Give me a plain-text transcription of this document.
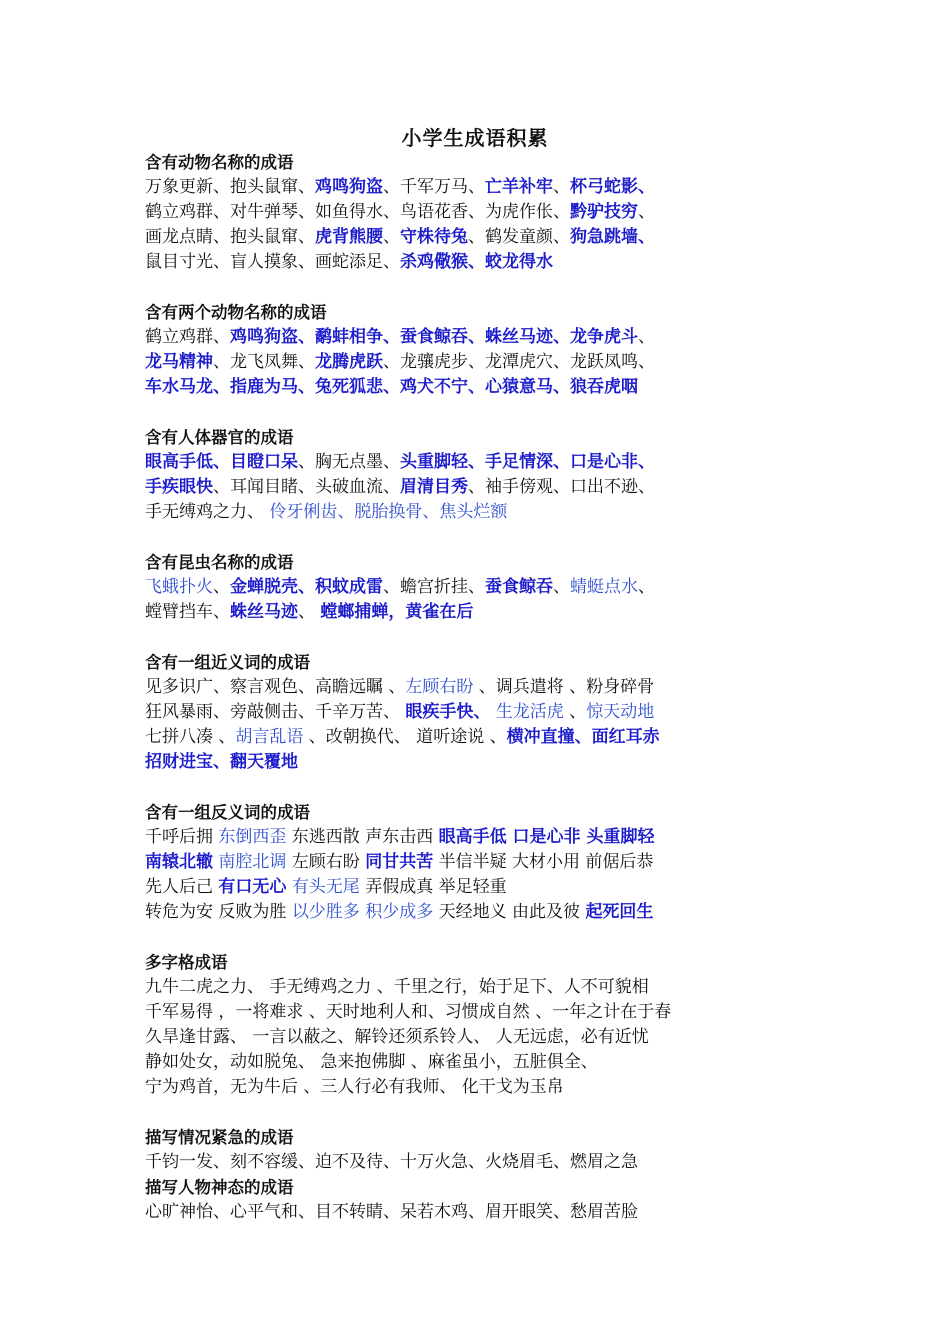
小学生成语积累
含有动物名称的成语
万象更新、抱头鼠窜、鸡鸣狗盗、千军万马、亡羊补牢、杯弓蛇影、
鹤立鸡群、对牛弹琴、如鱼得水、鸟语花香、为虎作伥、黔驴技穷、
画龙点睛、抱头鼠窜、虎背熊腰、守株待兔、鹤发童颜、狗急跳墙、
鼠目寸光、盲人摸象、画蛇添足、杀鸡儆猴、蛟龙得水
含有两个动物名称的成语
鹤立鸡群、鸡鸣狗盗、鹬蚌相争、蚕食鲸吞、蛛丝马迹、龙争虎斗、
龙马精神、龙飞凤舞、龙腾虎跃、龙骧虎步、龙潭虎穴、龙跃凤鸣、
车水马龙、指鹿为马、兔死狐悲、鸡犬不宁、心猿意马、狼吞虎咽
含有人体器官的成语
眼高手低、目瞪口呆、胸无点墨、头重脚轻、手足情深、口是心非、
手疾眼快、耳闻目睹、头破血流、眉清目秀、袖手傍观、口出不逊、
手无缚鸡之力、 伶牙俐齿、脱胎换骨、焦头烂额
含有昆虫名称的成语
飞蛾扑火、金蝉脱壳、积蚊成雷、蟾宫折挂、蚕食鲸吞、蜻蜓点水、
螳臂挡车、蛛丝马迹、 螳螂捕蝉，黄雀在后
含有一组近义词的成语
见多识广、察言观色、高瞻远瞩 、左顾右盼 、调兵遣将 、粉身碎骨
狂风暴雨、旁敲侧击、千辛万苦、 眼疾手快、 生龙活虎 、惊天动地
七拼八凑 、胡言乱语 、改朝换代、 道听途说 、横冲直撞、面红耳赤
招财进宝、翻天覆地
含有一组反义词的成语
千呼后拥 东倒西歪 东逃西散 声东击西 眼高手低 口是心非 头重脚轻
南辕北辙 南腔北调 左顾右盼 同甘共苦 半信半疑 大材小用 前倨后恭
先人后己 有口无心 有头无尾 弄假成真 举足轻重
转危为安 反败为胜 以少胜多 积少成多 天经地义 由此及彼 起死回生
多字格成语
九牛二虎之力、 手无缚鸡之力 、千里之行，始于足下、人不可貌相
千军易得 ，一将难求 、天时地利人和、习惯成自然 、一年之计在于春
久旱逢甘露、 一言以蔽之、解铃还须系铃人、 人无远虑，必有近忧
静如处女，动如脱兔、 急来抱佛脚 、麻雀虽小，五脏俱全、
宁为鸡首，无为牛后 、三人行必有我师、 化干戈为玉帛
描写情况紧急的成语
千钧一发、刻不容缓、迫不及待、十万火急、火烧眉毛、燃眉之急
描写人物神态的成语
心旷神怡、心平气和、目不转睛、呆若木鸡、眉开眼笑、愁眉苦脸
